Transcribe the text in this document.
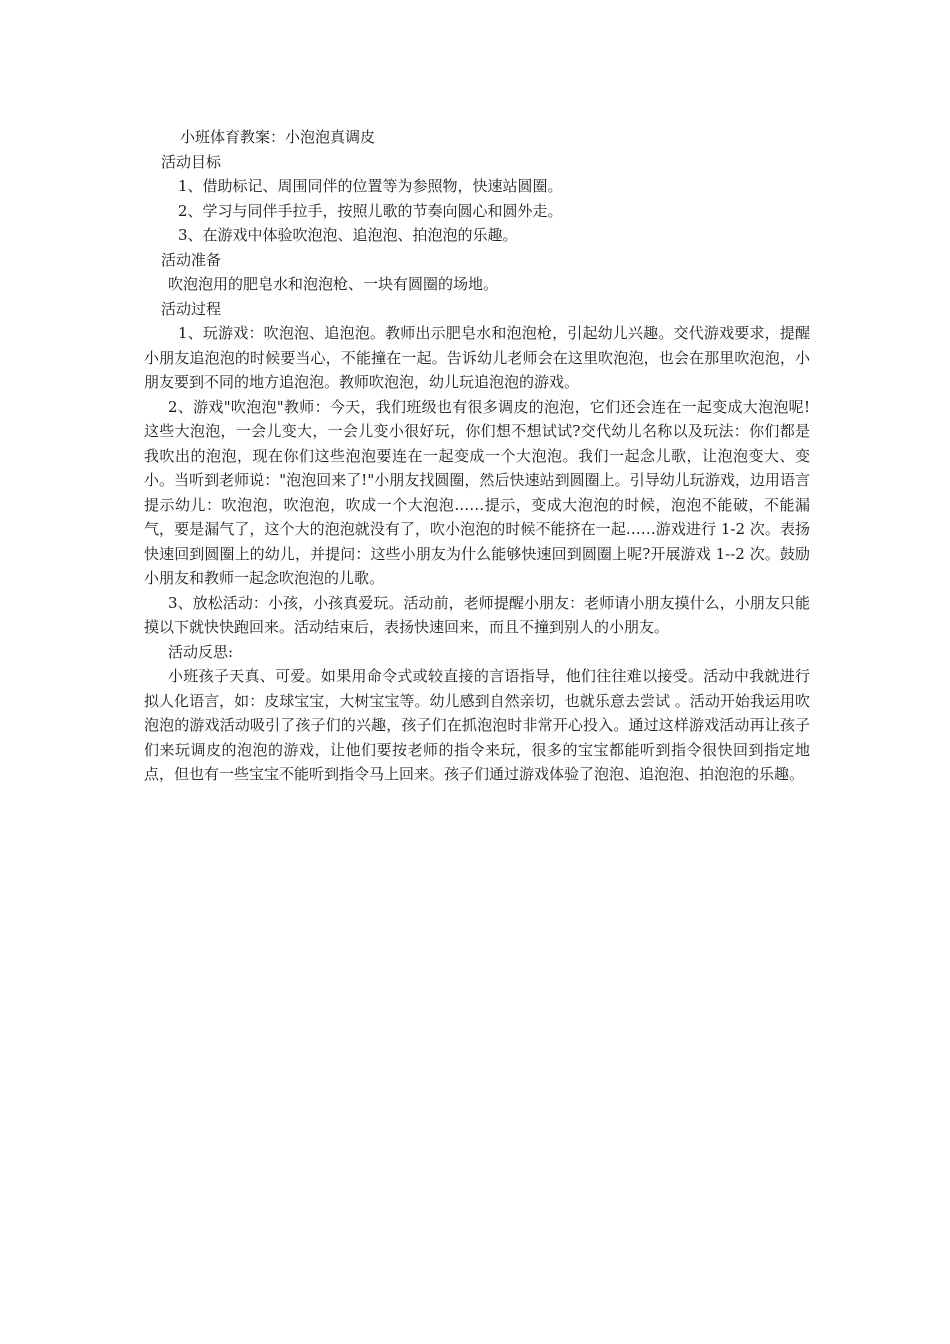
小班体育教案：小泡泡真调皮

活动目标

1、借助标记、周围同伴的位置等为参照物，快速站圆圈。

2、学习与同伴手拉手，按照儿歌的节奏向圆心和圆外走。

3、在游戏中体验吹泡泡、追泡泡、拍泡泡的乐趣。

活动准备

吹泡泡用的肥皂水和泡泡枪、一块有圆圈的场地。

活动过程

1、玩游戏：吹泡泡、追泡泡。教师出示肥皂水和泡泡枪，引起幼儿兴趣。交代游戏要求，提醒小朋友追泡泡的时候要当心，不能撞在一起。告诉幼儿老师会在这里吹泡泡，也会在那里吹泡泡，小朋友要到不同的地方追泡泡。教师吹泡泡，幼儿玩追泡泡的游戏。

2、游戏"吹泡泡"教师：今天，我们班级也有很多调皮的泡泡，它们还会连在一起变成大泡泡呢!这些大泡泡，一会儿变大，一会儿变小很好玩，你们想不想试试?交代幼儿名称以及玩法：你们都是我吹出的泡泡，现在你们这些泡泡要连在一起变成一个大泡泡。我们一起念儿歌，让泡泡变大、变小。当听到老师说："泡泡回来了!"小朋友找圆圈，然后快速站到圆圈上。引导幼儿玩游戏，边用语言提示幼儿：吹泡泡，吹泡泡，吹成一个大泡泡……提示，变成大泡泡的时候，泡泡不能破，不能漏气，要是漏气了，这个大的泡泡就没有了，吹小泡泡的时候不能挤在一起……游戏进行 1-2 次。表扬快速回到圆圈上的幼儿，并提问：这些小朋友为什么能够快速回到圆圈上呢?开展游戏 1--2 次。鼓励小朋友和教师一起念吹泡泡的儿歌。

3、放松活动：小孩，小孩真爱玩。活动前，老师提醒小朋友：老师请小朋友摸什么，小朋友只能摸以下就快快跑回来。活动结束后，表扬快速回来，而且不撞到别人的小朋友。

活动反思:

小班孩子天真、可爱。如果用命令式或较直接的言语指导，他们往往难以接受。活动中我就进行拟人化语言，如：皮球宝宝，大树宝宝等。幼儿感到自然亲切，也就乐意去尝试 。活动开始我运用吹泡泡的游戏活动吸引了孩子们的兴趣，孩子们在抓泡泡时非常开心投入。通过这样游戏活动再让孩子们来玩调皮的泡泡的游戏，让他们要按老师的指令来玩，很多的宝宝都能听到指令很快回到指定地点，但也有一些宝宝不能听到指令马上回来。孩子们通过游戏体验了泡泡、追泡泡、拍泡泡的乐趣。
